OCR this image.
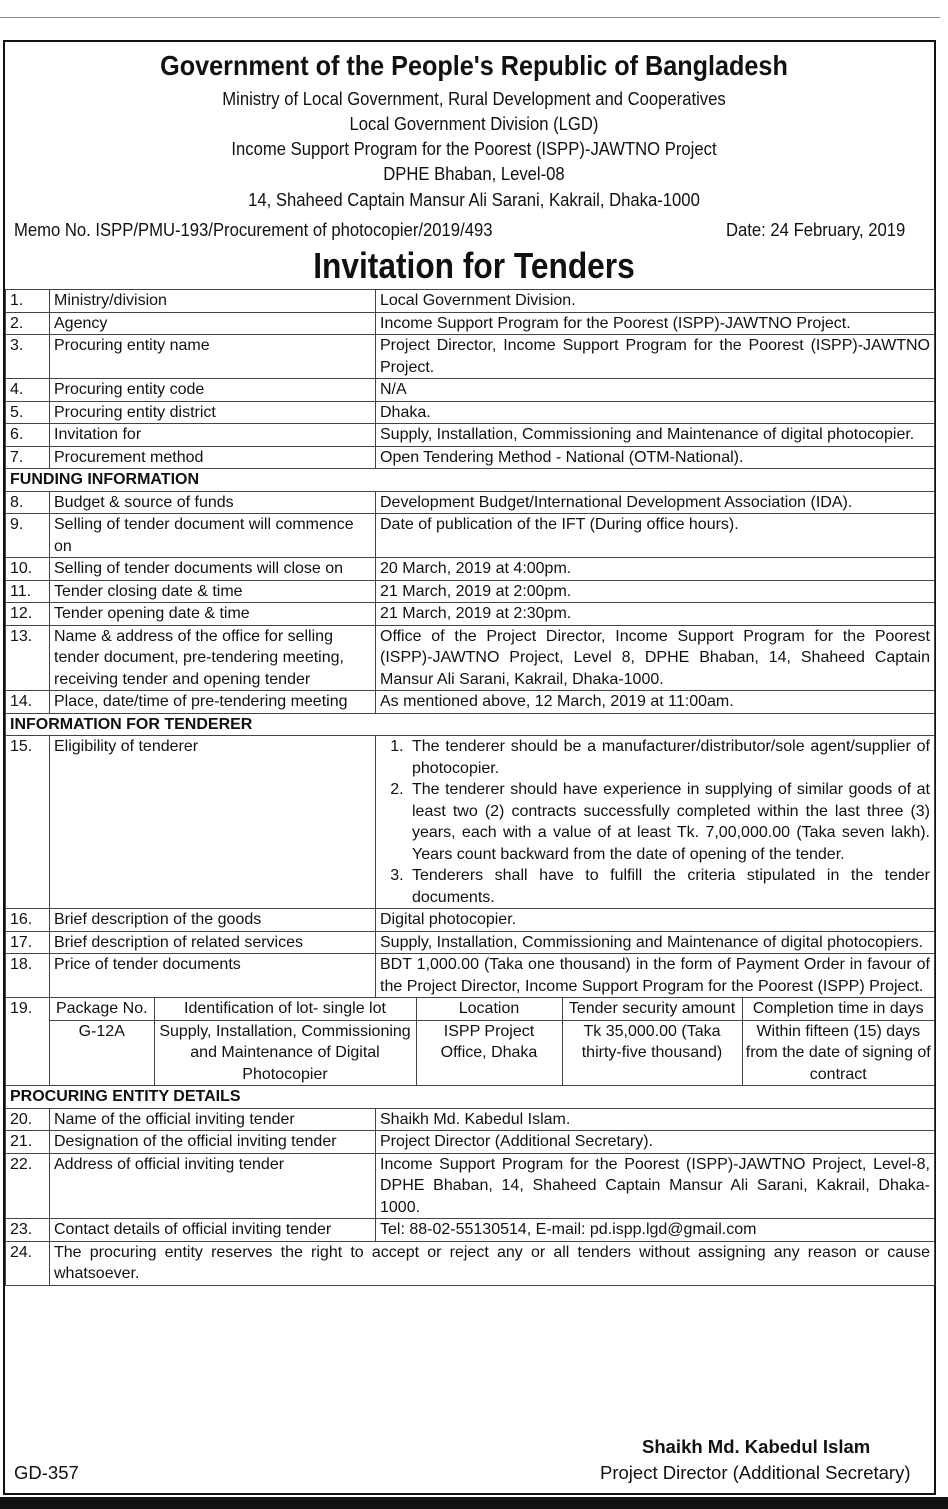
Government of the People's Republic of Bangladesh
Ministry of Local Government, Rural Development and Cooperatives
Local Government Division (LGD)
Income Support Program for the Poorest (ISPP)-JAWTNO Project
DPHE Bhaban, Level-08
14, Shaheed Captain Mansur Ali Sarani, Kakrail, Dhaka-1000
Memo No. ISPP/PMU-193/Procurement of photocopier/2019/493	Date: 24 February, 2019
Invitation for Tenders
1.	Ministry/division	Local Government Division.
2.	Agency	Income Support Program for the Poorest (ISPP)-JAWTNO Project.
3.	Procuring entity name	Project Director, Income Support Program for the Poorest (ISPP)-JAWTNO Project.
4.	Procuring entity code	N/A
5.	Procuring entity district	Dhaka.
6.	Invitation for	Supply, Installation, Commissioning and Maintenance of digital photocopier.
7.	Procurement method	Open Tendering Method - National (OTM-National).
FUNDING INFORMATION
8.	Budget & source of funds	Development Budget/International Development Association (IDA).
9.	Selling of tender document will commence on	Date of publication of the IFT (During office hours).
10.	Selling of tender documents will close on	20 March, 2019 at 4:00pm.
11.	Tender closing date & time	21 March, 2019 at 2:00pm.
12.	Tender opening date & time	21 March, 2019 at 2:30pm.
13.	Name & address of the office for selling tender document, pre-tendering meeting, receiving tender and opening tender	Office of the Project Director, Income Support Program for the Poorest (ISPP)-JAWTNO Project, Level 8, DPHE Bhaban, 14, Shaheed Captain Mansur Ali Sarani, Kakrail, Dhaka-1000.
14.	Place, date/time of pre-tendering meeting	As mentioned above, 12 March, 2019 at 11:00am.
INFORMATION FOR TENDERER
15.	Eligibility of tenderer	
1.The tenderer should be a manufacturer/distributor/sole agent/supplier of photocopier.
2. The tenderer should have experience in supplying of similar goods of at least two (2) contracts successfully completed within the last three (3) years, each with a value of at least Tk. 7,00,000.00 (Taka seven lakh). Years count backward from the date of opening of the tender.
3. Tenderers shall have to fulfill the criteria stipulated in the tender documents.

16.	Brief description of the goods	Digital photocopier.
17.	Brief description of related services	Supply, Installation, Commissioning and Maintenance of digital photocopiers.
18.	Price of tender documents	BDT 1,000.00 (Taka one thousand) in the form of Payment Order in favour of the Project Director, Income Support Program for the Poorest (ISPP) Project.
19.	Package No.	Identification of lot- single lot	Location	Tender security amount	Completion time in days
G-12A	Supply, Installation, Commissioning and Maintenance of Digital Photocopier	ISPP Project Office, Dhaka	Tk 35,000.00 (Taka thirty-five thousand)	Within fifteen (15) days from the date of signing of contract

PROCURING ENTITY DETAILS
20.	Name of the official inviting tender	Shaikh Md. Kabedul Islam.
21.	Designation of the official inviting tender	Project Director (Additional Secretary).
22.	Address of official inviting tender	Income Support Program for the Poorest (ISPP)-JAWTNO Project, Level-8, DPHE Bhaban, 14, Shaheed Captain Mansur Ali Sarani, Kakrail, Dhaka-1000.
23.	Contact details of official inviting tender	Tel: 88-02-55130514, E-mail: pd.ispp.lgd@gmail.com
24.	The procuring entity reserves the right to accept or reject any or all tenders without assigning any reason or cause whatsoever.
GD-357
Shaikh Md. Kabedul Islam
Project Director (Additional Secretary)
